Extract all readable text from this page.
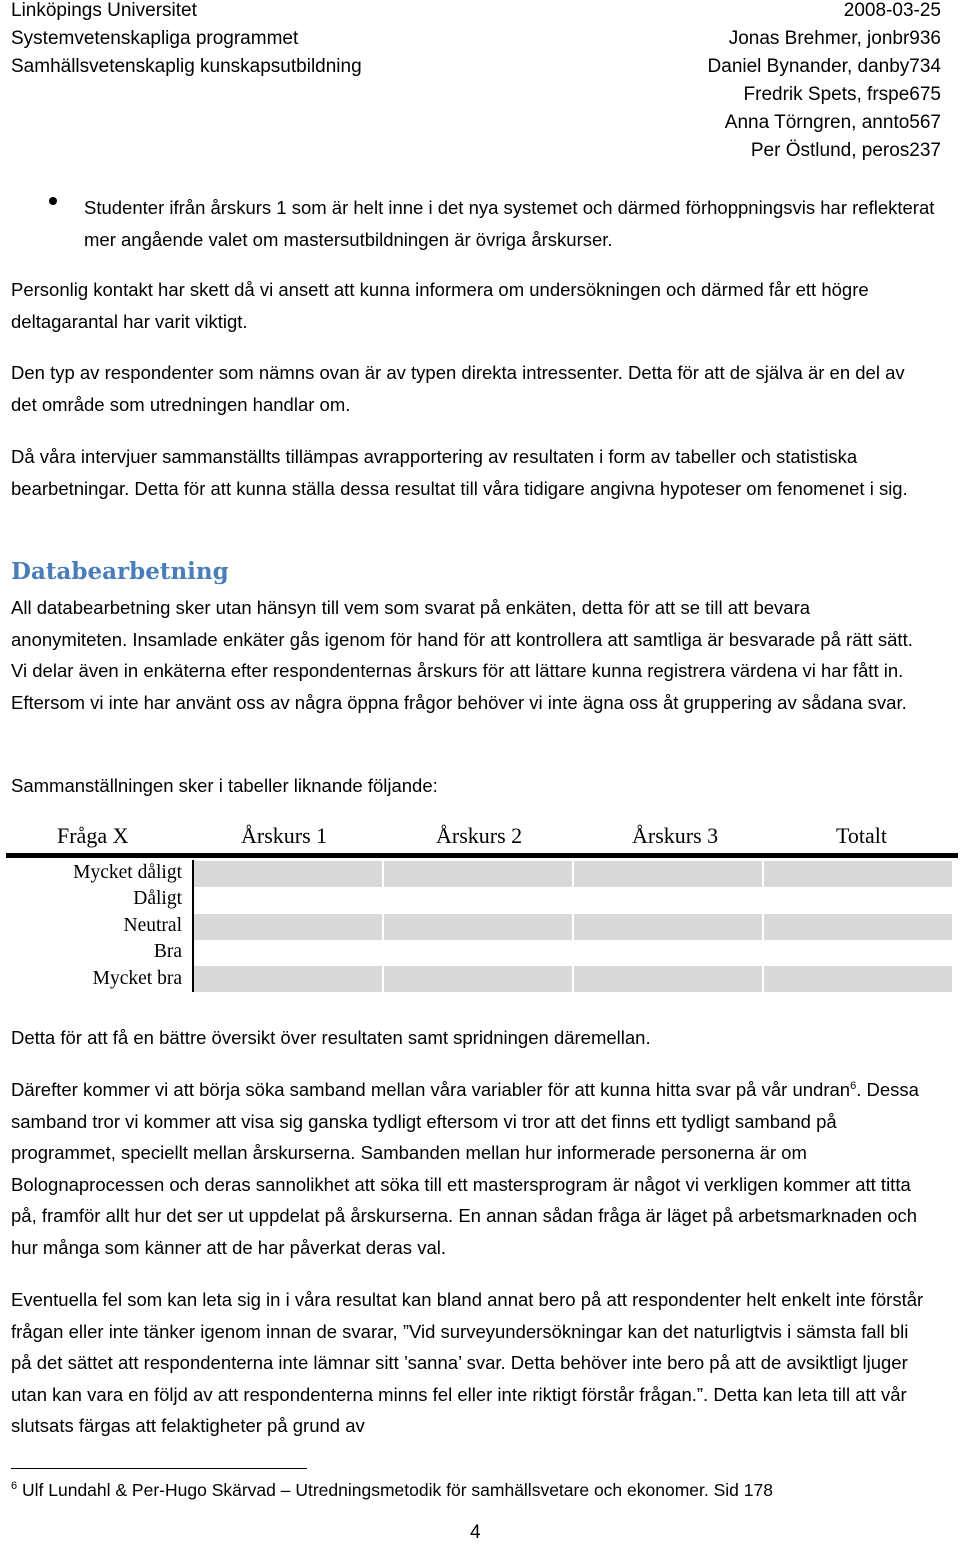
Linköpings Universitet
Systemvetenskapliga programmet
Samhällsvetenskaplig kunskapsutbildning
2008-03-25
Jonas Brehmer, jonbr936
Daniel Bynander, danby734
Fredrik Spets, frspe675
Anna Törngren, annto567
Per Östlund, peros237
Studenter ifrån årskurs 1 som är helt inne i det nya systemet och därmed förhoppningsvis har reflekterat mer angående valet om mastersutbildningen är övriga årskurser.
Personlig kontakt har skett då vi ansett att kunna informera om undersökningen och därmed får ett högre deltagarantal har varit viktigt.
Den typ av respondenter som nämns ovan är av typen direkta intressenter. Detta för att de själva är en del av det område som utredningen handlar om.
Då våra intervjuer sammanställts tillämpas avrapportering av resultaten i form av tabeller och statistiska bearbetningar. Detta för att kunna ställa dessa resultat till våra tidigare angivna hypoteser om fenomenet i sig.
Databearbetning
All databearbetning sker utan hänsyn till vem som svarat på enkäten, detta för att se till att bevara anonymiteten. Insamlade enkäter gås igenom för hand för att kontrollera att samtliga är besvarade på rätt sätt. Vi delar även in enkäterna efter respondenternas årskurs för att lättare kunna registrera värdena vi har fått in. Eftersom vi inte har använt oss av några öppna frågor behöver vi inte ägna oss åt gruppering av sådana svar.
Sammanställningen sker i tabeller liknande följande:
Fråga X	Årskurs 1	Årskurs 2	Årskurs 3	Totalt
Mycket dåligt
Dåligt
Neutral
Bra
Mycket bra
Detta för att få en bättre översikt över resultaten samt spridningen däremellan.
Därefter kommer vi att börja söka samband mellan våra variabler för att kunna hitta svar på vår undran$^6$. Dessa samband tror vi kommer att visa sig ganska tydligt eftersom vi tror att det finns ett tydligt samband på programmet, speciellt mellan årskurserna. Sambanden mellan hur informerade personerna är om Bolognaprocessen och deras sannolikhet att söka till ett mastersprogram är något vi verkligen kommer att titta på, framför allt hur det ser ut uppdelat på årskurserna. En annan sådan fråga är läget på arbetsmarknaden och hur många som känner att de har påverkat deras val.
Eventuella fel som kan leta sig in i våra resultat kan bland annat bero på att respondenter helt enkelt inte förstår frågan eller inte tänker igenom innan de svarar, ”Vid surveyundersökningar kan det naturligtvis i sämsta fall bli på det sättet att respondenterna inte lämnar sitt ’sanna’ svar. Detta behöver inte bero på att de avsiktligt ljuger utan kan vara en följd av att respondenterna minns fel eller inte riktigt förstår frågan.”. Detta kan leta till att vår slutsats färgas att felaktigheter på grund av
$^6$ Ulf Lundahl & Per-Hugo Skärvad – Utredningsmetodik för samhällsvetare och ekonomer. Sid 178
4
